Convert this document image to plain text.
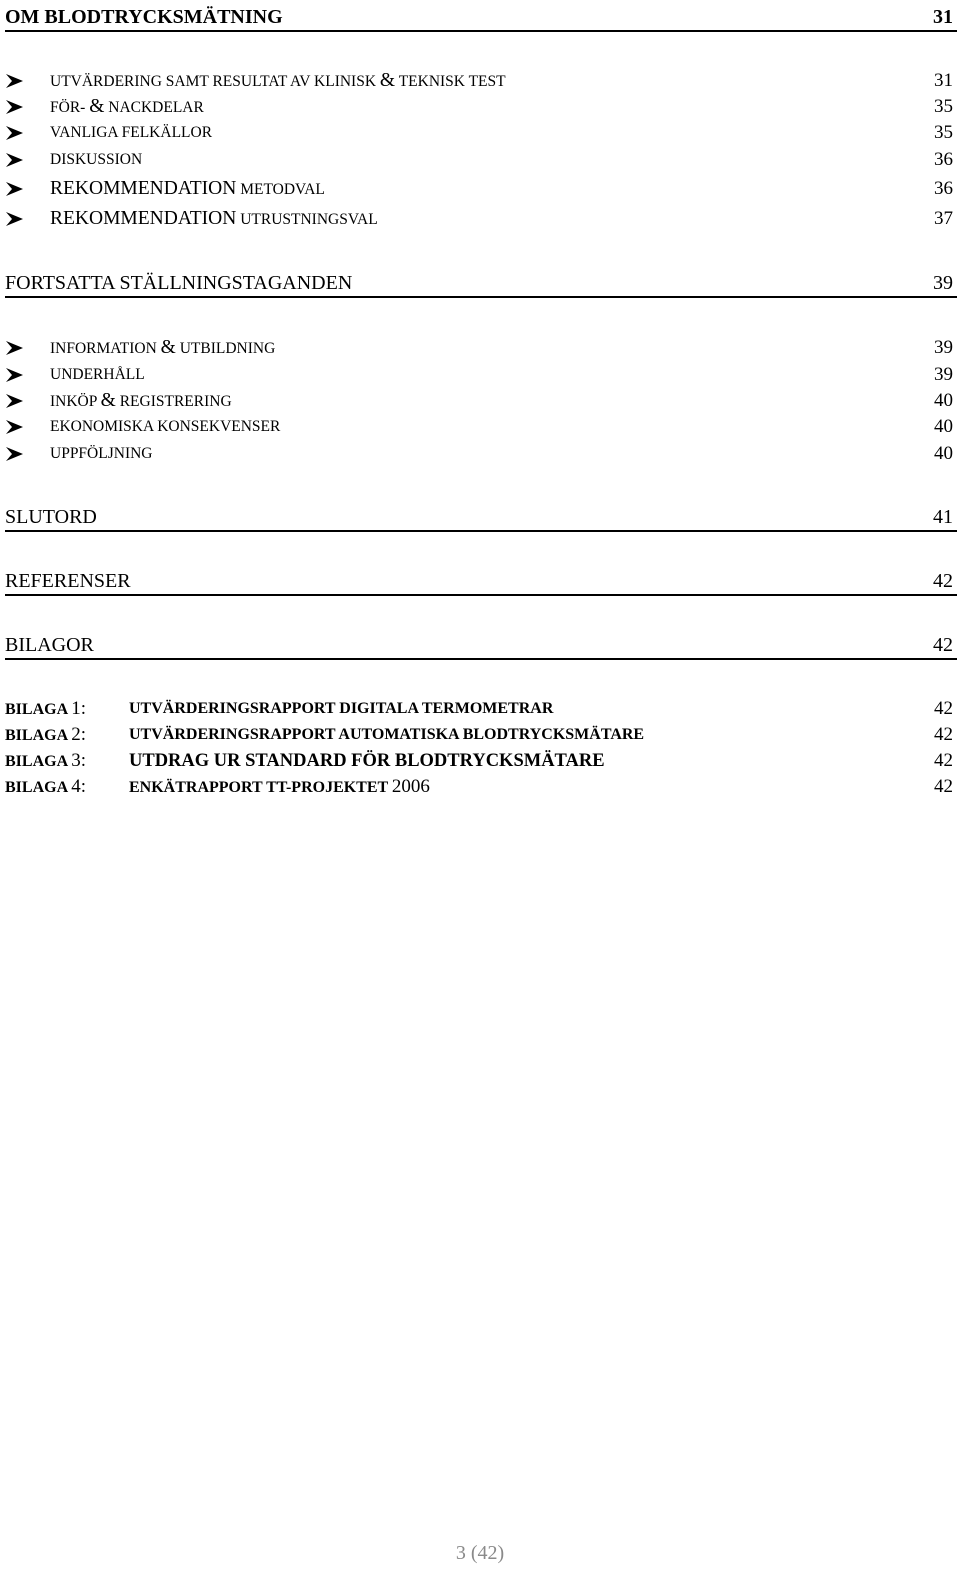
OM BLODTRYCKSMÄTNING	31
UTVÄRDERING SAMT RESULTAT AV KLINISK & TEKNISK TEST	31
FÖR- & NACKDELAR	35
VANLIGA FELKÄLLOR	35
DISKUSSION	36
REKOMMENDATION METODVAL	36
REKOMMENDATION UTRUSTNINGSVAL	37
FORTSATTA STÄLLNINGSTAGANDEN	39
INFORMATION & UTBILDNING	39
UNDERHÅLL	39
INKÖP & REGISTRERING	40
EKONOMISKA KONSEKVENSER	40
UPPFÖLJNING	40
SLUTORD	41
REFERENSER	42
BILAGOR	42
BILAGA 1:	UTVÄRDERINGSRAPPORT DIGITALA TERMOMETRAR	42
BILAGA 2:	UTVÄRDERINGSRAPPORT AUTOMATISKA BLODTRYCKSMÄTARE	42
BILAGA 3: UTDRAG UR STANDARD FÖR BLODTRYCKSMÄTARE	42
BILAGA 4:	ENKÄTRAPPORT TT-PROJEKTET 2006	42
3 (42)
